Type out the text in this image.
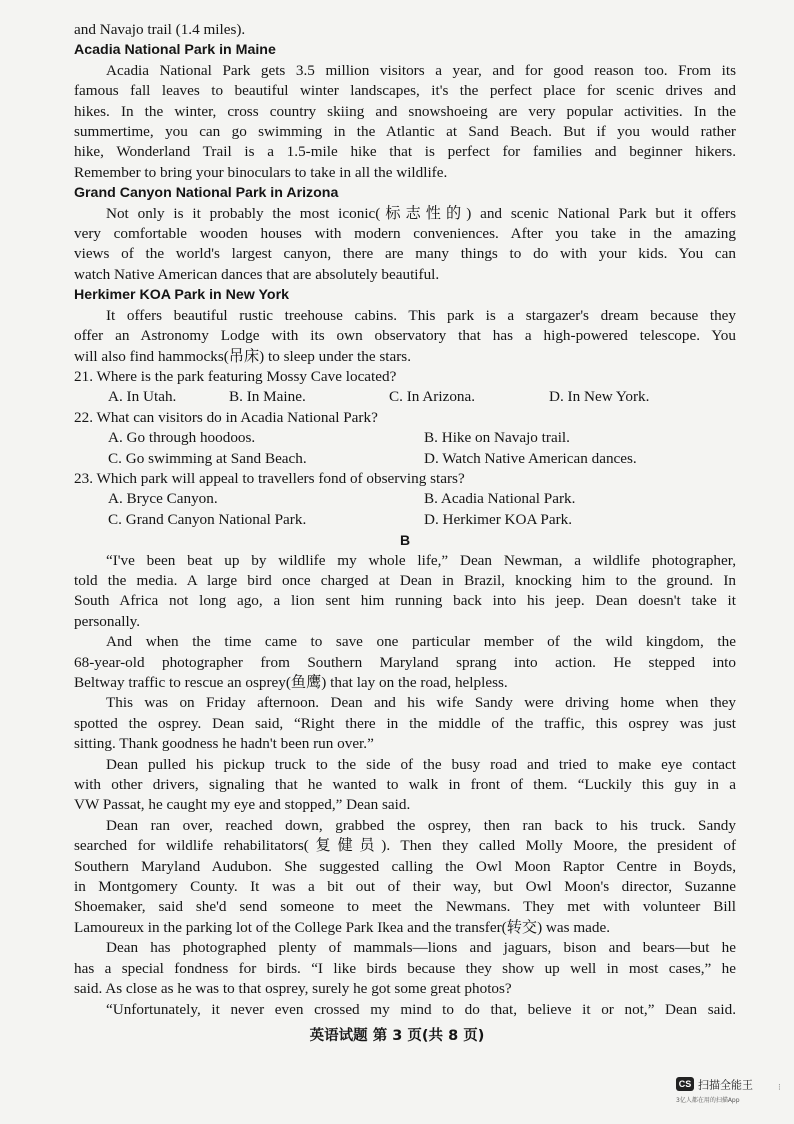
and Navajo trail (1.4 miles).
Acadia National Park in Maine
Acadia National Park gets 3.5 million visitors a year, and for good reason too. From its
famous fall leaves to beautiful winter landscapes, it's the perfect place for scenic drives and
hikes. In the winter, cross country skiing and snowshoeing are very popular activities. In the
summertime, you can go swimming in the Atlantic at Sand Beach. But if you would rather
hike, Wonderland Trail is a 1.5-mile hike that is perfect for families and beginner hikers.
Remember to bring your binoculars to take in all the wildlife.
Grand Canyon National Park in Arizona
Not only is it probably the most iconic(标志性的) and scenic National Park but it offers
very comfortable wooden houses with modern conveniences. After you take in the amazing
views of the world's largest canyon, there are many things to do with your kids. You can
watch Native American dances that are absolutely beautiful.
Herkimer KOA Park in New York
It offers beautiful rustic treehouse cabins. This park is a stargazer's dream because they
offer an Astronomy Lodge with its own observatory that has a high-powered telescope. You
will also find hammocks(吊床) to sleep under the stars.
21. Where is the park featuring Mossy Cave located?
A. In Utah.	B. In Maine.	C. In Arizona.	D. In New York.
22. What can visitors do in Acadia National Park?
A. Go through hoodoos.	B. Hike on Navajo trail.
C. Go swimming at Sand Beach.	D. Watch Native American dances.
23. Which park will appeal to travellers fond of observing stars?
A. Bryce Canyon.	B. Acadia National Park.
C. Grand Canyon National Park.	D. Herkimer KOA Park.
B
“I've been beat up by wildlife my whole life,” Dean Newman, a wildlife photographer,
told the media. A large bird once charged at Dean in Brazil, knocking him to the ground. In
South Africa not long ago, a lion sent him running back into his jeep. Dean doesn't take it
personally.
And when the time came to save one particular member of the wild kingdom, the
68-year-old photographer from Southern Maryland sprang into action. He stepped into
Beltway traffic to rescue an osprey(鱼鹰) that lay on the road, helpless.
This was on Friday afternoon. Dean and his wife Sandy were driving home when they
spotted the osprey. Dean said, “Right there in the middle of the traffic, this osprey was just
sitting. Thank goodness he hadn't been run over.”
Dean pulled his pickup truck to the side of the busy road and tried to make eye contact
with other drivers, signaling that he wanted to walk in front of them. “Luckily this guy in a
VW Passat, he caught my eye and stopped,” Dean said.
Dean ran over, reached down, grabbed the osprey, then ran back to his truck. Sandy
searched for wildlife rehabilitators(复健员). Then they called Molly Moore, the president of
Southern Maryland Audubon. She suggested calling the Owl Moon Raptor Centre in Boyds,
in Montgomery County. It was a bit out of their way, but Owl Moon's director, Suzanne
Shoemaker, said she'd send someone to meet the Newmans. They met with volunteer Bill
Lamoureux in the parking lot of the College Park Ikea and the transfer(转交) was made.
Dean has photographed plenty of mammals—lions and jaguars, bison and bears—but he
has a special fondness for birds. “I like birds because they show up well in most cases,” he
said. As close as he was to that osprey, surely he got some great photos?
“Unfortunately, it never even crossed my mind to do that, believe it or not,” Dean said.
英语试题 第 3 页(共 8 页)
CS 扫描全能王
3亿人都在用的扫描App
⁝
